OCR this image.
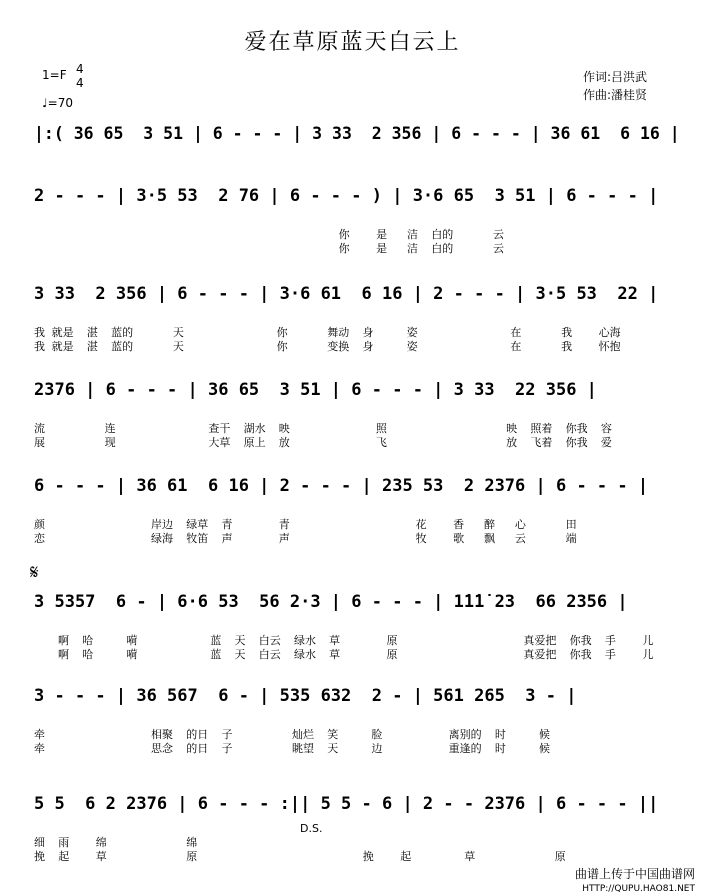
爱在草原蓝天白云上
1=F 4
4
♩=70
作词:吕洪武
作曲:潘桂贤
|:( 36 65  3 51 | 6 - - - | 3 33  2 356 | 6 - - - | 36 61  6 16 |
2 - - - | 3·5 53  2 76 | 6 - - - ) | 3·6 65  3 51 | 6 - - - |
你    是   洁  白的      云
你    是   洁  白的      云
3 33  2 356 | 6 - - - | 3·6 61  6 16 | 2 - - - | 3·5 53  22 |
我 就是  湛  蓝的      天              你      舞动  身     姿              在      我    心海
我 就是  湛  蓝的      天              你      变换  身     姿              在      我    怀抱
2376 | 6 - - - | 36 65  3 51 | 6 - - - | 3 33  22 356 |
流         连              查干  湖水  映             照                  映  照着  你我  容
展         现              大草  原上  放             飞                  放  飞着  你我  爱
6 - - - | 36 61  6 16 | 2 - - - | 235 53  2 2376 | 6 - - - |
颜                岸边  绿草  青       青                   花    香   醉   心      田
恋                绿海  牧笛  声       声                   牧    歌   飘   云      端
𝄋
3 5357  6 - | 6·6 53  56 2·3 | 6 - - - | 1̇1̇1̇ 23  66 2356 |
啊  哈     嗬           蓝  天  白云  绿水  草       原                   真爱把  你我  手    儿
啊  哈     嗬           蓝  天  白云  绿水  草       原                   真爱把  你我  手    儿
3 - - - | 36 567  6 - | 535 632  2 - | 561 265  3 - |
牵                相聚  的日  子         灿烂  笑     脸          离别的  时     候
牵                思念  的日  子         眺望  天     边          重逢的  时     候
5 5  6 2 2376 | 6 - - - :|| 5 5 - 6 | 2 - - 2376 | 6 - - - ||
D.S.
细  雨    绵            绵
挽  起    草            原                         挽    起        草            原
曲谱上传于中国曲谱网
HTTP://QUPU.HAO81.NET
